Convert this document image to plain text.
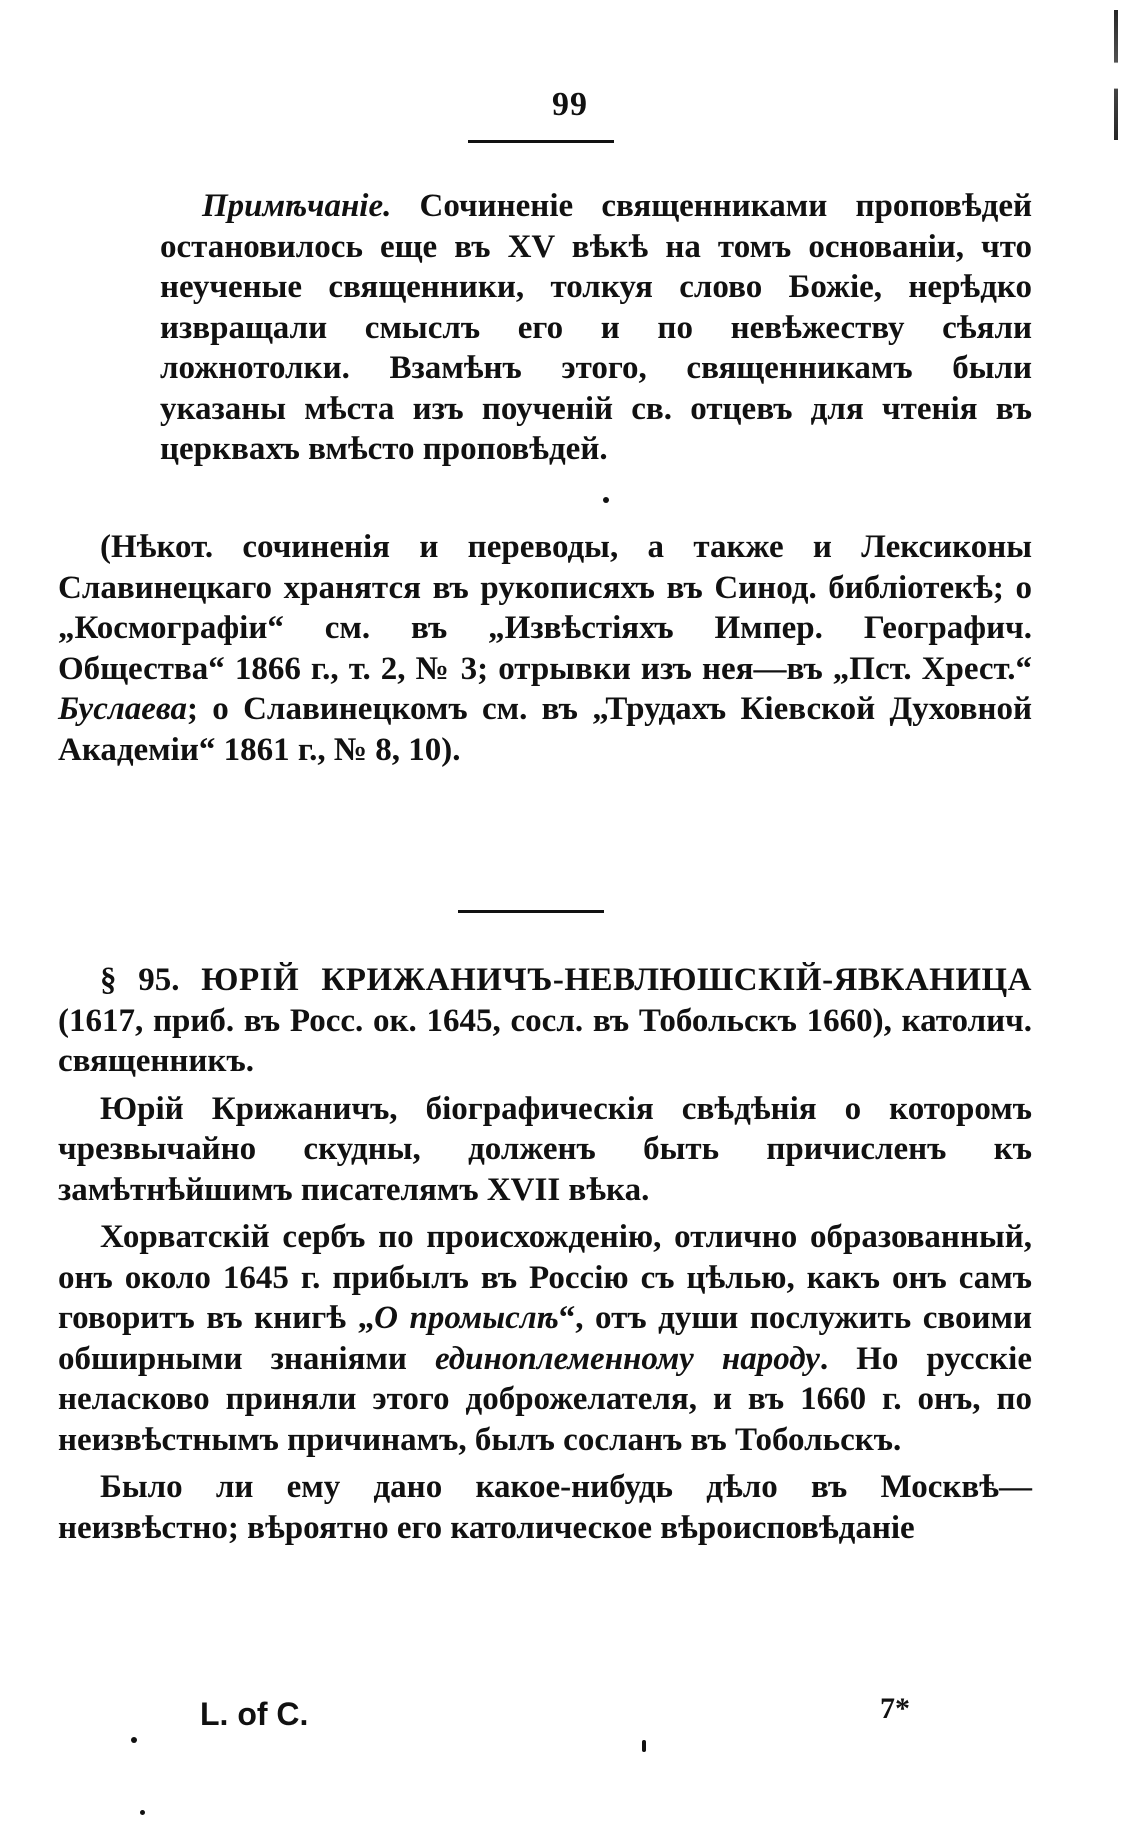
99
Примѣчаніе. Сочиненіе священниками проповѣдей остановилось еще въ XV вѣкѣ на томъ основаніи, что неученые священники, толкуя слово Божіе, нерѣдко извращали смыслъ его и по невѣжеству сѣяли ложнотолки. Взамѣнъ этого, священникамъ были указаны мѣста изъ поученій св. отцевъ для чтенія въ церквахъ вмѣсто проповѣдей.
(Нѣкот. сочиненія и переводы, а также и Лексиконы Славинецкаго хранятся въ рукописяхъ въ Синод. библіотекѣ; о „Космографіи“ см. въ „Извѣстіяхъ Импер. Географич. Общества“ 1866 г., т. 2, № 3; отрывки изъ нея—въ „Пст. Хрест.“ Буслаева; о Славинецкомъ см. въ „Трудахъ Кіевской Духовной Академіи“ 1861 г., № 8, 10).

§ 95. ЮРІЙ КРИЖАНИЧЪ-НЕВЛЮШСКІЙ-ЯВКАНИЦА (1617, приб. въ Росс. ок. 1645, сосл. въ Тобольскъ 1660), католич. священникъ.

Юрій Крижаничъ, біографическія свѣдѣнія о которомъ чрезвычайно скудны, долженъ быть причисленъ къ замѣтнѣйшимъ писателямъ XVII вѣка.

Хорватскій сербъ по происхожденію, отлично образованный, онъ около 1645 г. прибылъ въ Россію съ цѣлью, какъ онъ самъ говоритъ въ книгѣ „О промыслѣ“, отъ души послужить своими обширными знаніями единоплеменному народу. Но русскіе неласково приняли этого доброжелателя, и въ 1660 г. онъ, по неизвѣстнымъ причинамъ, былъ сосланъ въ Тобольскъ.

Было ли ему дано какое-нибудь дѣло въ Москвѣ—неизвѣстно; вѣроятно его католическое вѣроисповѣданіе

L. of C.	7*
